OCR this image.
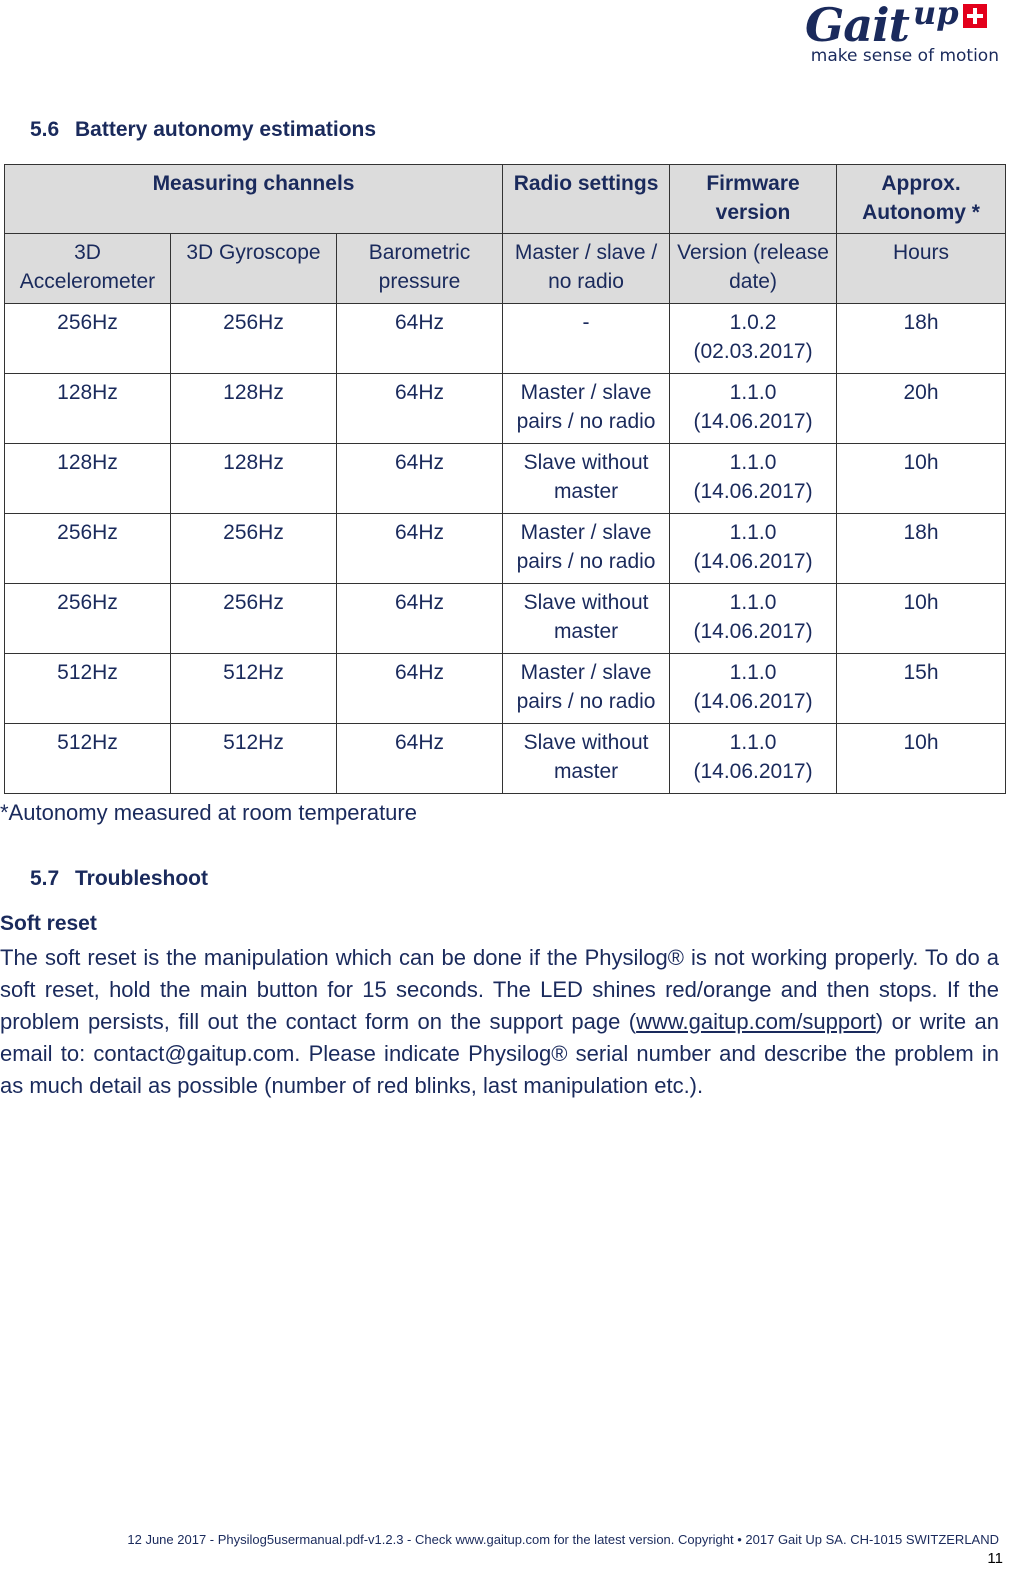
Gait up
make sense of motion
5.6 Battery autonomy estimations
Measuring channels			Radio settings	Firmware version	Approx. Autonomy *
3D Accelerometer	3D Gyroscope	Barometric pressure	Master / slave / no radio	Version (release date)	Hours
256Hz	256Hz	64Hz	-	1.0.2 (02.03.2017)	18h
128Hz	128Hz	64Hz	Master / slave pairs / no radio	1.1.0 (14.06.2017)	20h
128Hz	128Hz	64Hz	Slave without master	1.1.0 (14.06.2017)	10h
256Hz	256Hz	64Hz	Master / slave pairs / no radio	1.1.0 (14.06.2017)	18h
256Hz	256Hz	64Hz	Slave without master	1.1.0 (14.06.2017)	10h
512Hz	512Hz	64Hz	Master / slave pairs / no radio	1.1.0 (14.06.2017)	15h
512Hz	512Hz	64Hz	Slave without master	1.1.0 (14.06.2017)	10h
*Autonomy measured at room temperature
5.7 Troubleshoot
Soft reset
The soft reset is the manipulation which can be done if the Physilog® is not working properly. To do a soft reset, hold the main button for 15 seconds. The LED shines red/orange and then stops. If the problem persists, fill out the contact form on the support page (www.gaitup.com/support) or write an email to: contact@gaitup.com. Please indicate Physilog® serial number and describe the problem in as much detail as possible (number of red blinks, last manipulation etc.).
12 June 2017 - Physilog5usermanual.pdf-v1.2.3 - Check www.gaitup.com for the latest version. Copyright • 2017 Gait Up SA. CH-1015 SWITZERLAND
11
